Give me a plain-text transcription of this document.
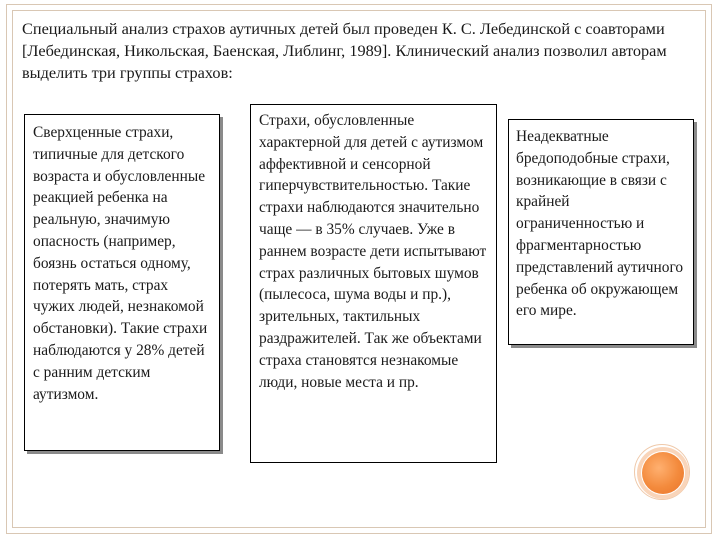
Специальный анализ страхов аутичных детей был проведен К. С. Лебединской с соавторами [Лебединская, Никольская, Баенская, Либлинг, 1989]. Клинический анализ позволил авторам выделить три группы страхов:

Сверхценные страхи, типичные для детского возраста и обусловленные реакцией ребенка на реальную, значимую опасность (например, боязнь остаться одному, потерять мать, страх чужих людей, незнакомой обстановки). Такие страхи наблюдаются у 28% детей с ранним детским аутизмом.

Страхи, обусловленные характерной для детей с аутизмом аффективной и сенсорной гиперчувствительностью. Такие страхи наблюдаются значительно чаще — в 35% случаев. Уже в раннем возрасте дети испытывают страх различных бытовых шумов (пылесоса, шума воды и пр.), зрительных, тактильных раздражителей. Так же объектами страха становятся незнакомые люди, новые места и пр.

Неадекватные бредоподобные страхи, возникающие в связи с крайней ограниченностью и фрагментарностью представлений аутичного ребенка об окружающем его мире.
